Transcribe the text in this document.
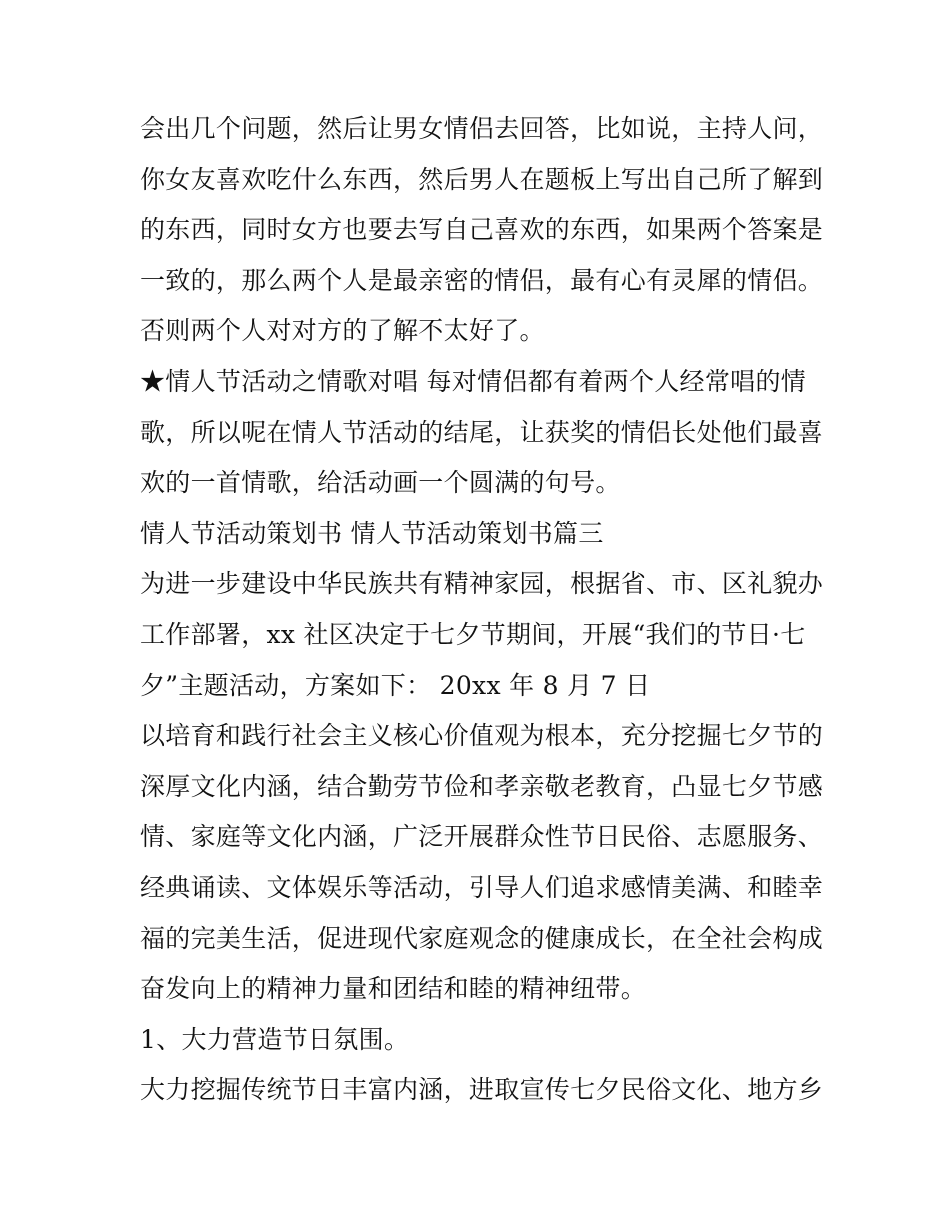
会出几个问题，然后让男女情侣去回答，比如说，主持人问，
你女友喜欢吃什么东西，然后男人在题板上写出自己所了解到
的东西，同时女方也要去写自己喜欢的东西，如果两个答案是
一致的，那么两个人是最亲密的情侣，最有心有灵犀的情侣。
否则两个人对对方的了解不太好了。
★情人节活动之情歌对唱 每对情侣都有着两个人经常唱的情
歌，所以呢在情人节活动的结尾，让获奖的情侣长处他们最喜
欢的一首情歌，给活动画一个圆满的句号。
情人节活动策划书 情人节活动策划书篇三
为进一步建设中华民族共有精神家园，根据省、市、区礼貌办
工作部署，xx 社区决定于七夕节期间，开展“我们的节日·七
夕”主题活动，方案如下： 20xx 年 8 月 7 日
以培育和践行社会主义核心价值观为根本，充分挖掘七夕节的
深厚文化内涵，结合勤劳节俭和孝亲敬老教育，凸显七夕节感
情、家庭等文化内涵，广泛开展群众性节日民俗、志愿服务、
经典诵读、文体娱乐等活动，引导人们追求感情美满、和睦幸
福的完美生活，促进现代家庭观念的健康成长，在全社会构成
奋发向上的精神力量和团结和睦的精神纽带。
1、大力营造节日氛围。
大力挖掘传统节日丰富内涵，进取宣传七夕民俗文化、地方乡
